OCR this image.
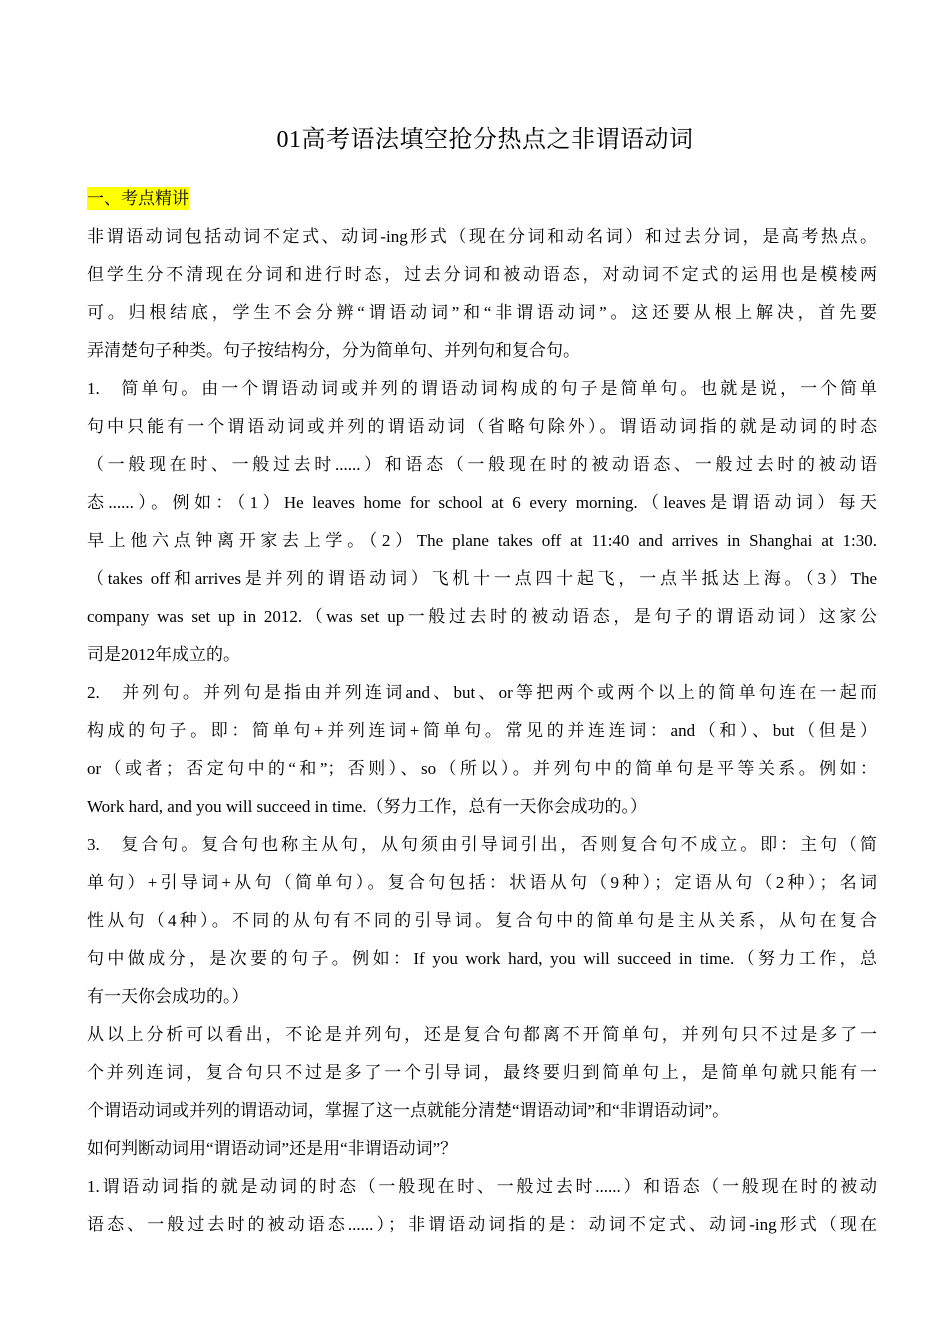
01高考语法填空抢分热点之非谓语动词
一、考点精讲
非谓语动词包括动词不定式、动词-ing形式（现在分词和动名词）和过去分词，是高考热点。
但学生分不清现在分词和进行时态，过去分词和被动语态，对动词不定式的运用也是模棱两
可。归根结底，学生不会分辨“谓语动词”和“非谓语动词”。这还要从根上解决，首先要
弄清楚句子种类。句子按结构分，分为简单句、并列句和复合句。
1.   简单句。由一个谓语动词或并列的谓语动词构成的句子是简单句。也就是说，一个简单
句中只能有一个谓语动词或并列的谓语动词（省略句除外）。谓语动词指的就是动词的时态
（一般现在时、一般过去时......）和语态（一般现在时的被动语态、一般过去时的被动语
态......）。例如：（1）He leaves home for school at 6 every morning.（leaves是谓语动词）每天
早上他六点钟离开家去上学。（2）The plane takes off at 11:40 and arrives in Shanghai at 1:30.
（takes off和arrives是并列的谓语动词）飞机十一点四十起飞，一点半抵达上海。（3）The
company was set up in 2012.（was set up一般过去时的被动语态，是句子的谓语动词）这家公
司是2012年成立的。
2.   并列句。并列句是指由并列连词and、but、or等把两个或两个以上的简单句连在一起而
构成的句子。即：简单句+并列连词+简单句。常见的并连连词：and（和）、but（但是）
or（或者；否定句中的“和”；否则）、so（所以）。并列句中的简单句是平等关系。例如：
Work hard, and you will succeed in time.（努力工作，总有一天你会成功的。）
3.   复合句。复合句也称主从句，从句须由引导词引出，否则复合句不成立。即：主句（简
单句）+引导词+从句（简单句）。复合句包括：状语从句（9种）；定语从句（2种）；名词
性从句（4种）。不同的从句有不同的引导词。复合句中的简单句是主从关系，从句在复合
句中做成分，是次要的句子。例如：If you work hard, you will succeed in time.（努力工作，总
有一天你会成功的。）
从以上分析可以看出，不论是并列句，还是复合句都离不开简单句，并列句只不过是多了一
个并列连词，复合句只不过是多了一个引导词，最终要归到简单句上，是简单句就只能有一
个谓语动词或并列的谓语动词，掌握了这一点就能分清楚“谓语动词”和“非谓语动词”。
如何判断动词用“谓语动词”还是用“非谓语动词”？
1.谓语动词指的就是动词的时态（一般现在时、一般过去时......）和语态（一般现在时的被动
语态、一般过去时的被动语态......）；非谓语动词指的是：动词不定式、动词-ing形式（现在
